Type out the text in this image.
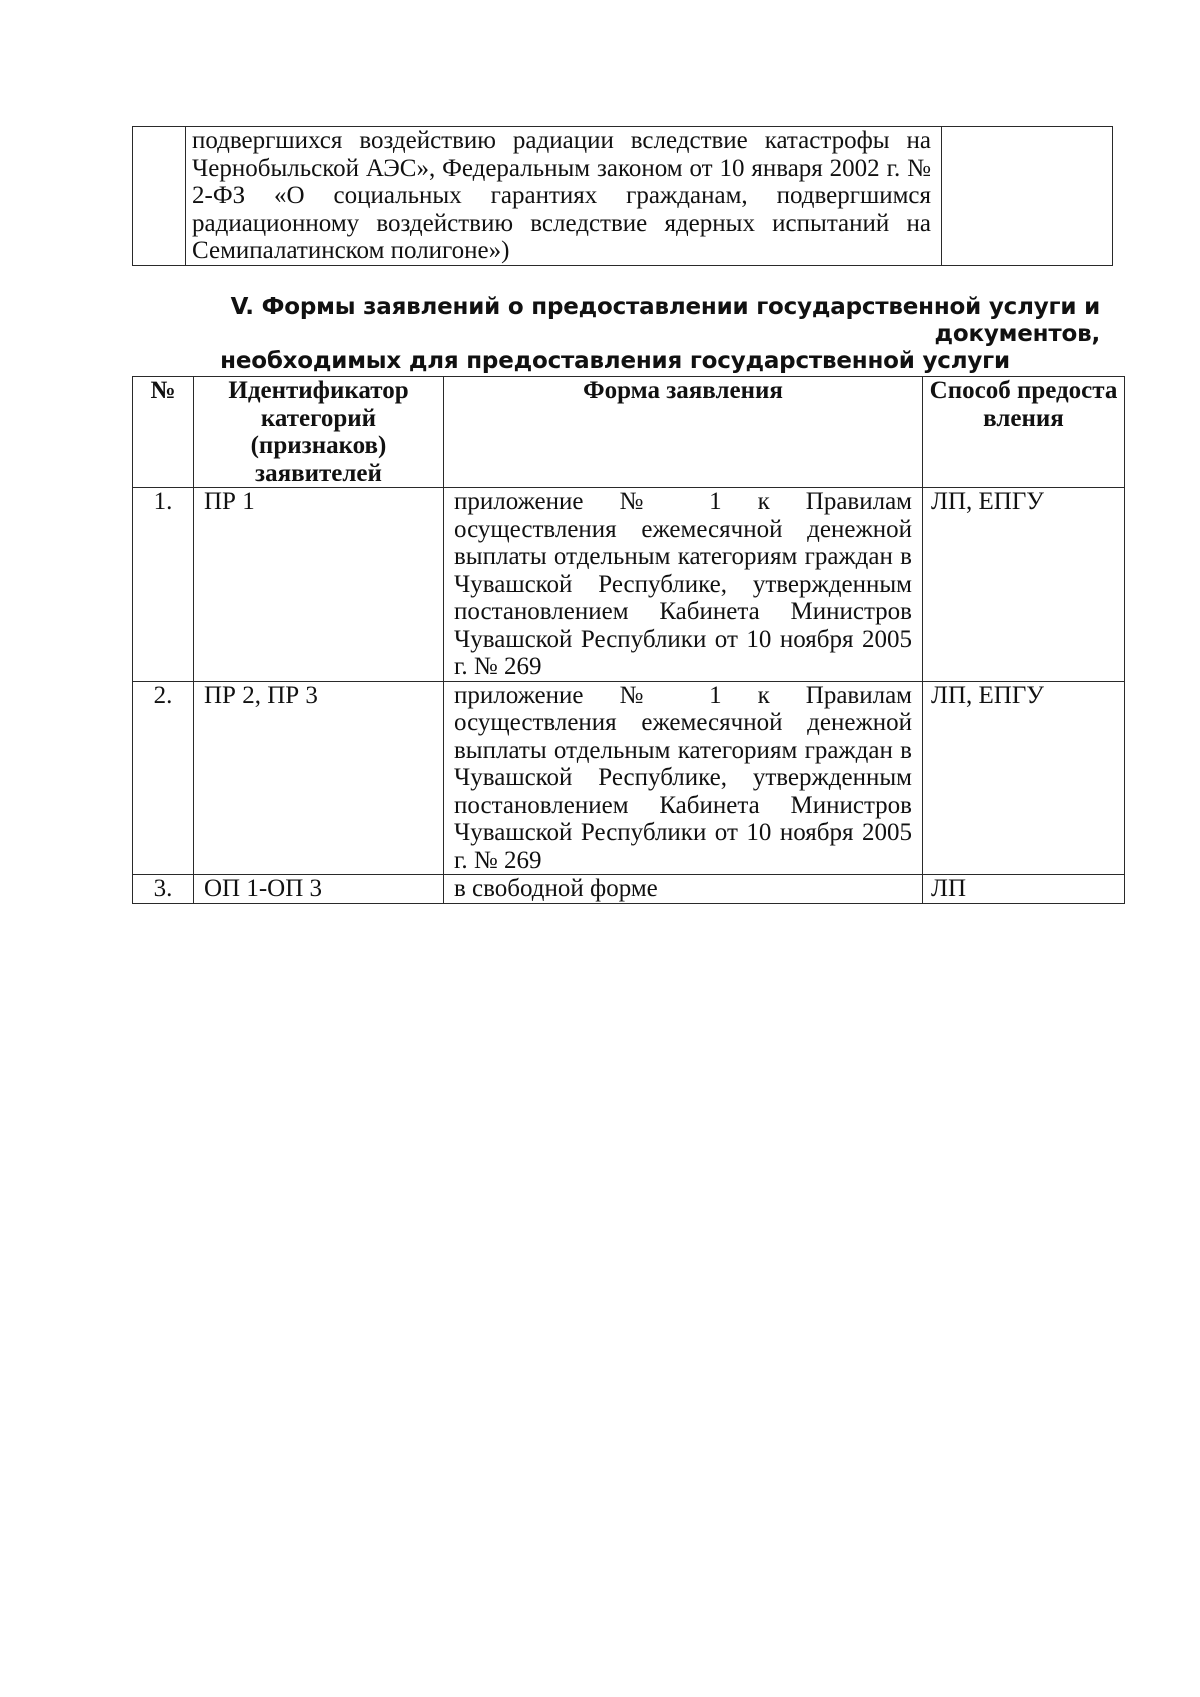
	подвергшихся воздействию радиации вследствие катастрофы на Чернобыльской АЭС», Федеральным законом от 10 января 2002 г. № 2-ФЗ «О социальных гарантиях гражданам, подвергшимся радиационному воздействию вследствие ядерных испытаний на Семипалатинском полигоне»)	
V. Формы заявлений о предоставлении государственной услуги и документов,
необходимых для предоставления государственной услуги
№	Идентификатор категорий (признаков) заявителей	Форма заявления	Способ предоставления
1.	ПР 1	приложение № 1 к Правилам осуществления ежемесячной денежной выплаты отдельным категориям граждан в Чувашской Республике, утвержденным постановлением Кабинета Министров Чувашской Республики от 10 ноября 2005 г. № 269	ЛП, ЕПГУ
2.	ПР 2, ПР 3	приложение № 1 к Правилам осуществления ежемесячной денежной выплаты отдельным категориям граждан в Чувашской Республике, утвержденным постановлением Кабинета Министров Чувашской Республики от 10 ноября 2005 г. № 269	ЛП, ЕПГУ
3.	ОП 1-ОП 3	в свободной форме	ЛП
